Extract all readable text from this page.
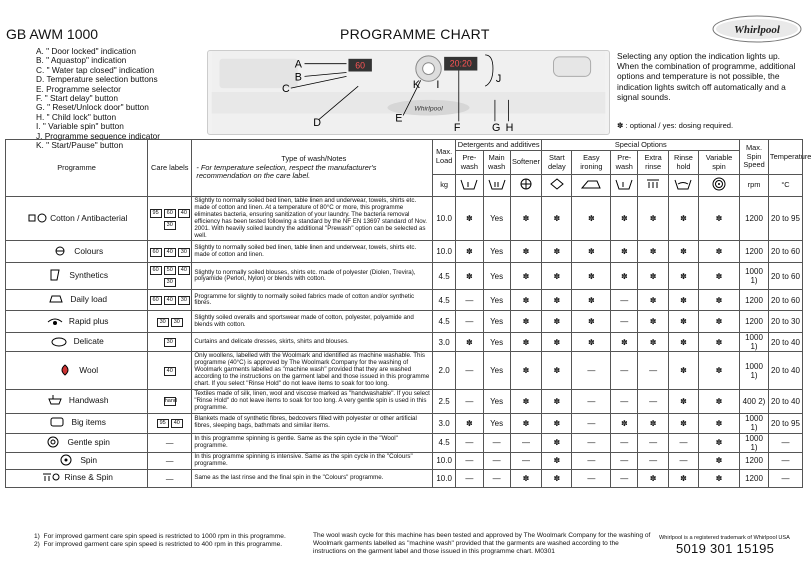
GB AWM 1000	PROGRAMME CHART	Whirlpool
A. " Door locked" indication
B. " Aquastop" indication
C. " Water tap closed" indication
D. Temperature selection buttons
E. Programme selector
F. " Start delay" button
G. " Reset/Unlock door" button
H. " Child lock" button
I. " Variable spin" button
J. Programme sequence indicator
K. " Start/Pause" button
60	20:20
Whirlpool
A
B
C
D	E
F	G H
I	J
K
Selecting any option the indication lights up. When the combination of programme, additional options and temperature is not possible, the indication lights switch off automatically and a signal sounds.
✽ : optional / yes: dosing required.
Programme	Care labels	Type of wash/Notes
- For temperature selection, respect the manufacturer's recommendation on the care label.	Max. Load	Detergents and additives			Special Options						Max. Spin Speed	Temperature
				Pre-wash	Main wash	Softener	Start delay	Easy ironing	Pre-wash	Extra rinse	Rinse hold	Variable spin		
			kg										rpm	°C
Cotton / Antibacterial	95 60 40 30	Slightly to normally soiled bed linen, table linen and underwear, towels, shirts etc. made of cotton and linen. At a temperature of 80°C or more, this programme eliminates bacteria, ensuring sanitization of your laundry. The bacteria removal efficiency has been tested following a standard by the NF EN 13697 standard of Nov. 2001. With heavily soiled laundry the additional "Prewash" option can be selected as well.	10.0	✽	Yes	✽	✽	✽	✽	✽	✽	✽	1200	20 to 95
Colours	60 40 30	Slightly to normally soiled bed linen, table linen and underwear, towels, shirts etc. made of cotton and linen.	10.0	✽	Yes	✽	✽	✽	✽	✽	✽	✽	1200	20 to 60
Synthetics	60 50 40 30	Slightly to normally soiled blouses, shirts etc. made of polyester (Diolen, Trevira), polyamide (Perlon, Nylon) or blends with cotton.	4.5	✽	Yes	✽	✽	✽	✽	✽	✽	✽	1000 1)	20 to 60
Daily load	60 40 30	Programme for slightly to normally soiled fabrics made of cotton and/or synthetic fibres.	4.5	—	Yes	✽	✽	✽	—	✽	✽	✽	1200	20 to 60
Rapid plus	30 30	Slightly soiled overalls and sportswear made of cotton, polyester, polyamide and blends with cotton.	4.5	—	Yes	✽	✽	✽	—	✽	✽	✽	1200	20 to 30
Delicate	30	Curtains and delicate dresses, skirts, shirts and blouses.	3.0	✽	Yes	✽	✽	✽	✽	✽	✽	✽	1000 1)	20 to 40
Wool	40	Only woollens, labelled with the Woolmark and identified as machine washable. This programme (40°C) is approved by The Woolmark Company for the washing of Woolmark garments labelled as "machine wash" provided that they are washed according to the instructions on the garment label and those issued in this programme chart. If you select "Rinse Hold" do not leave items to soak for too long.	2.0	—	Yes	✽	✽	—	—	—	✽	✽	1000 1)	20 to 40
Handwash	hand	Textiles made of silk, linen, wool and viscose marked as "handwashable". If you select "Rinse Hold" do not leave items to soak for too long. A very gentle spin is used in this programme.	2.5	—	Yes	✽	✽	—	—	—	✽	✽	400 2)	20 to 40
Big items	95 40	Blankets made of synthetic fibres, bedcovers filled with polyester or other artificial fibres, sleeping bags, bathmats and similar items.	3.0	✽	Yes	✽	✽	—	✽	✽	✽	✽	1000 1)	20 to 95
Gentle spin	—	In this programme spinning is gentle. Same as the spin cycle in the "Wool" programme.	4.5	—	—	—	✽	—	—	—	—	✽	1000 1)	—
Spin	—	In this programme spinning is intensive. Same as the spin cycle in the "Colours" programme.	10.0	—	—	—	✽	—	—	—	—	✽	1200	—
Rinse & Spin	—	Same as the last rinse and the final spin in the "Colours" programme.	10.0	—	—	✽	✽	—	—	✽	✽	✽	1200	—
1) For improved garment care spin speed is restricted to 1000 rpm in this programme.
2) For improved garment care spin speed is restricted to 400 rpm in this programme.
The wool wash cycle for this machine has been tested and approved by The Woolmark Company for the washing of Woolmark garments labelled as "machine wash" provided that the garments are washed according to the instructions on the garment label and those issued in this programme chart. M0301
Whirlpool is a registered trademark of Whirlpool USA
5019 301 15195
